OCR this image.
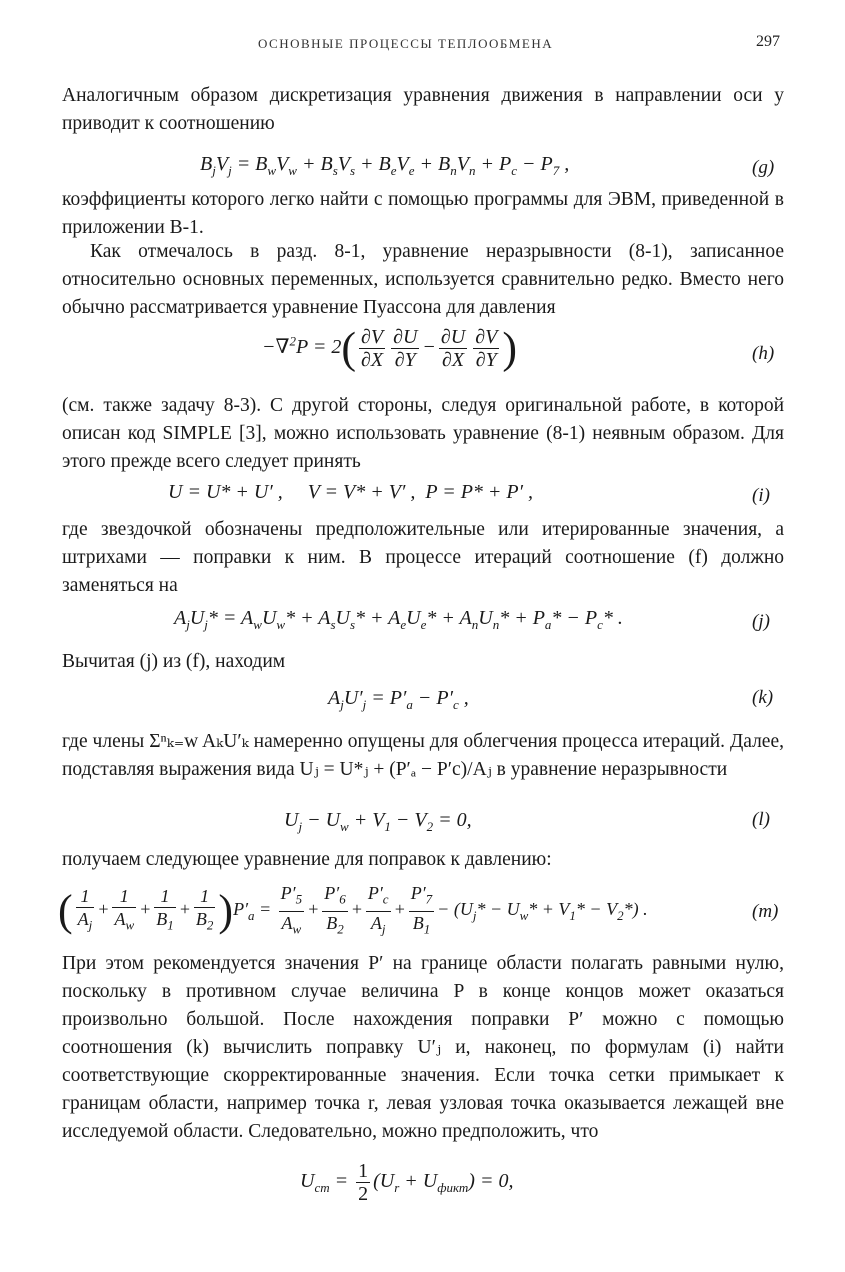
ОСНОВНЫЕ ПРОЦЕССЫ ТЕПЛООБМЕНА	297
Аналогичным образом дискретизация уравнения движения в направлении оси y приводит к соотношению
$B_jV_j = B_wV_w + B_sV_s + B_eV_e + B_nV_n + P_c - P_7$ ,	(g)
коэффициенты которого легко найти с помощью программы для ЭВМ, приведенной в приложении В-1.
Как отмечалось в разд. 8-1, уравнение неразрывности (8-1), записанное относительно основных переменных, используется сравнительно редко. Вместо него обычно рассматривается уравнение Пуассона для давления
$-\nabla^2P = 2( \frac{\partial V}{\partial X} \frac{\partial U}{\partial Y} - \frac{\partial U}{\partial X} \frac{\partial V}{\partial Y}$ )	(h)
(см. также задачу 8-3). С другой стороны, следуя оригинальной работе, в которой описан код SIMPLE [3], можно использовать уравнение (8-1) неявным образом. Для этого прежде всего следует принять
U = U* + U′ ,     V = V* + V′ ,  P = P* + P′ ,	(i)
где звездочкой обозначены предположительные или итерированные значения, а штрихами — поправки к ним. В процессе итераций соотношение (f) должно заменяться на
$A_jU_j* = A_wU_w* + A_sU_s* + A_eU_e* + A_nU_n* + P_a* - P_c*$ .	(j)
Вычитая (j) из (f), находим
$A_jU'_j = P'_a - P'_c$ ,	(k)
где члены Σⁿₖ₌w AₖU′ₖ намеренно опущены для облегчения процесса итераций. Далее, подставляя выражения вида Uⱼ = U*ⱼ + (P′ₐ − P′c)/Aⱼ в уравнение неразрывности
$U_j - U_w + V_1 - V_2 = 0$,	(l)
получаем следующее уравнение для поправок к давлению:
( $\frac{1}{A_j} + \frac{1}{A_w} + \frac{1}{B_1} + \frac{1}{B_2} )P'_a = \frac{P'_5}{A_w} + \frac{P'_6}{B_2} + \frac{P'_c}{A_j} + \frac{P'_7}{B_1} - (U_j* - U_w* + V_1* - V_2*)$ .	(m)
При этом рекомендуется значения P′ на границе области полагать равными нулю, поскольку в противном случае величина P в конце концов может оказаться произвольно большой. После нахождения поправки P′ можно с помощью соотношения (k) вычислить поправку U′ⱼ и, наконец, по формулам (i) найти соответствующие скорректированные значения. Если точка сетки примыкает к границам области, например точка r, левая узловая точка оказывается лежащей вне исследуемой области. Следовательно, можно предположить, что
$U_{ст} = \frac{1}{2} (U_r + U_{фикт}) = 0$,
